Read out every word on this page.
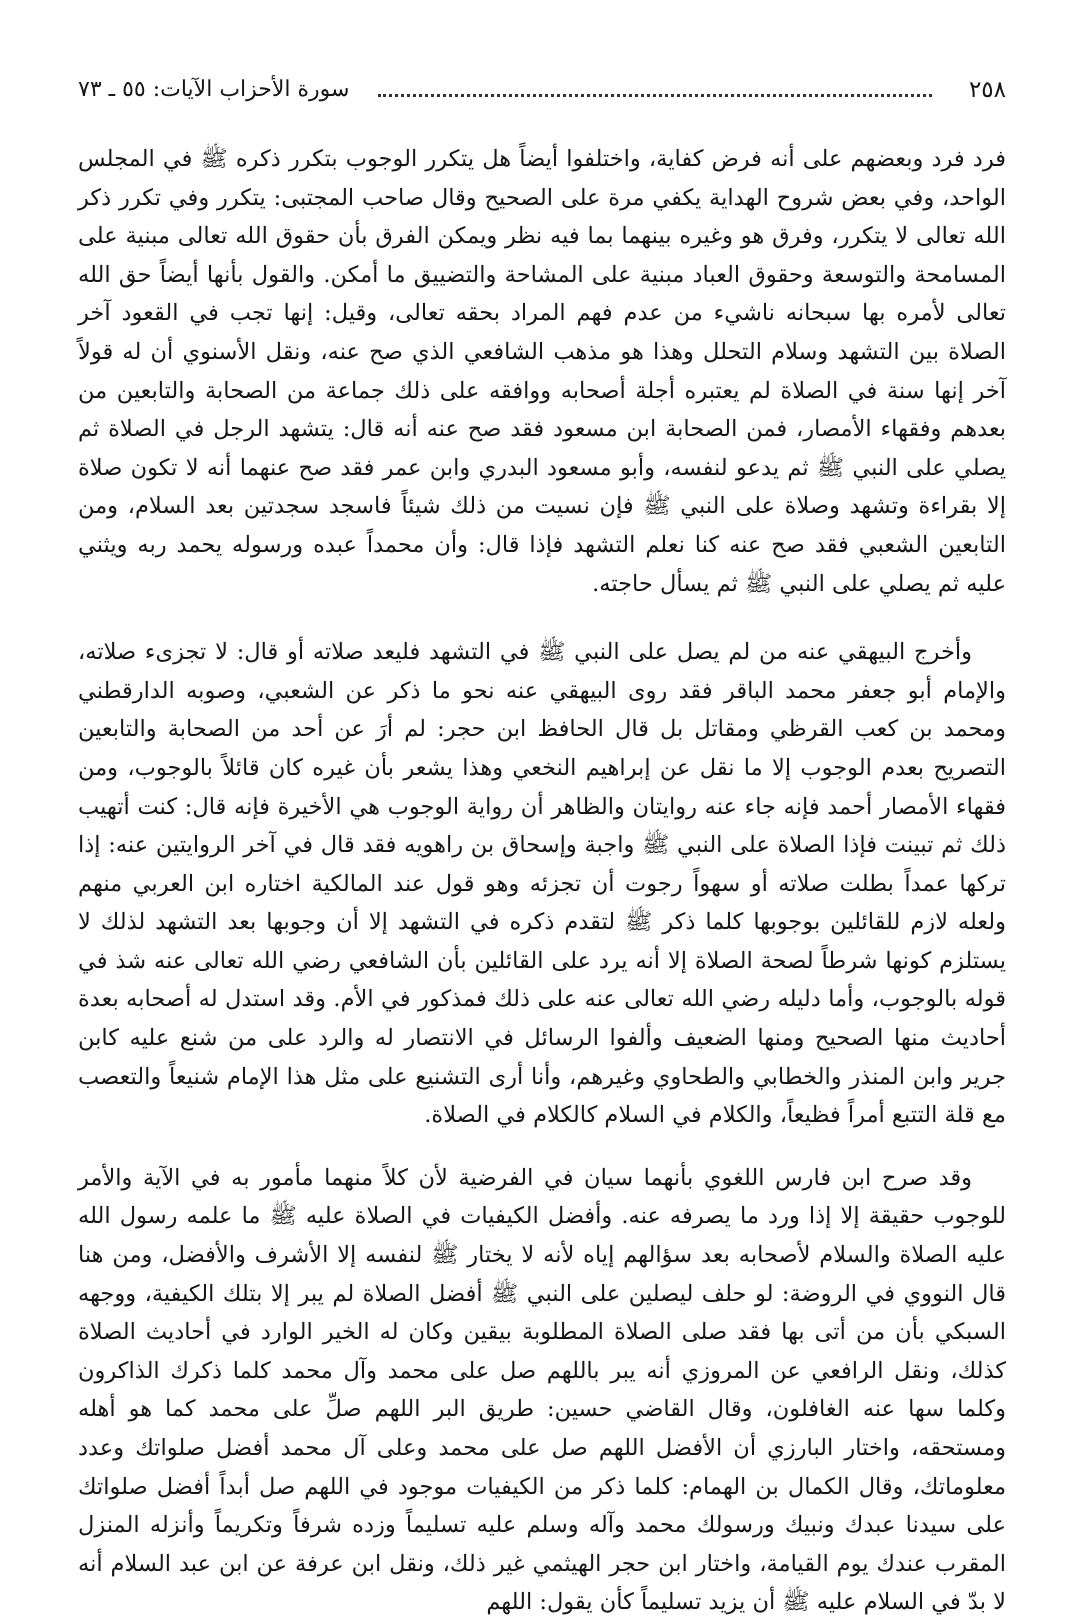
٢٥٨
سورة الأحزاب الآيات: ٥٥ ـ ٧٣

فرد فرد وبعضهم على أنه فرض كفاية، واختلفوا أيضاً هل يتكرر الوجوب بتكرر ذكره ﷺ في المجلس الواحد، وفي بعض شروح الهداية يكفي مرة على الصحيح وقال صاحب المجتبى: يتكرر وفي تكرر ذكر الله تعالى لا يتكرر، وفرق هو وغيره بينهما بما فيه نظر ويمكن الفرق بأن حقوق الله تعالى مبنية على المسامحة والتوسعة وحقوق العباد مبنية على المشاحة والتضييق ما أمكن. والقول بأنها أيضاً حق الله تعالى لأمره بها سبحانه ناشيء من عدم فهم المراد بحقه تعالى، وقيل: إنها تجب في القعود آخر الصلاة بين التشهد وسلام التحلل وهذا هو مذهب الشافعي الذي صح عنه، ونقل الأسنوي أن له قولاً آخر إنها سنة في الصلاة لم يعتبره أجلة أصحابه ووافقه على ذلك جماعة من الصحابة والتابعين من بعدهم وفقهاء الأمصار، فمن الصحابة ابن مسعود فقد صح عنه أنه قال: يتشهد الرجل في الصلاة ثم يصلي على النبي ﷺ ثم يدعو لنفسه، وأبو مسعود البدري وابن عمر فقد صح عنهما أنه لا تكون صلاة إلا بقراءة وتشهد وصلاة على النبي ﷺ فإن نسيت من ذلك شيئاً فاسجد سجدتين بعد السلام، ومن التابعين الشعبي فقد صح عنه كنا نعلم التشهد فإذا قال: وأن محمداً عبده ورسوله يحمد ربه ويثني عليه ثم يصلي على النبي ﷺ ثم يسأل حاجته.

وأخرج البيهقي عنه من لم يصل على النبي ﷺ في التشهد فليعد صلاته أو قال: لا تجزىء صلاته، والإمام أبو جعفر محمد الباقر فقد روى البيهقي عنه نحو ما ذكر عن الشعبي، وصوبه الدارقطني ومحمد بن كعب القرظي ومقاتل بل قال الحافظ ابن حجر: لم أرَ عن أحد من الصحابة والتابعين التصريح بعدم الوجوب إلا ما نقل عن إبراهيم النخعي وهذا يشعر بأن غيره كان قائلاً بالوجوب، ومن فقهاء الأمصار أحمد فإنه جاء عنه روايتان والظاهر أن رواية الوجوب هي الأخيرة فإنه قال: كنت أتهيب ذلك ثم تبينت فإذا الصلاة على النبي ﷺ واجبة وإسحاق بن راهويه فقد قال في آخر الروايتين عنه: إذا تركها عمداً بطلت صلاته أو سهواً رجوت أن تجزئه وهو قول عند المالكية اختاره ابن العربي منهم ولعله لازم للقائلين بوجوبها كلما ذكر ﷺ لتقدم ذكره في التشهد إلا أن وجوبها بعد التشهد لذلك لا يستلزم كونها شرطاً لصحة الصلاة إلا أنه يرد على القائلين بأن الشافعي رضي الله تعالى عنه شذ في قوله بالوجوب، وأما دليله رضي الله تعالى عنه على ذلك فمذكور في الأم. وقد استدل له أصحابه بعدة أحاديث منها الصحيح ومنها الضعيف وألفوا الرسائل في الانتصار له والرد على من شنع عليه كابن جرير وابن المنذر والخطابي والطحاوي وغيرهم، وأنا أرى التشنيع على مثل هذا الإمام شنيعاً والتعصب مع قلة التتبع أمراً فظيعاً، والكلام في السلام كالكلام في الصلاة.

وقد صرح ابن فارس اللغوي بأنهما سيان في الفرضية لأن كلاً منهما مأمور به في الآية والأمر للوجوب حقيقة إلا إذا ورد ما يصرفه عنه. وأفضل الكيفيات في الصلاة عليه ﷺ ما علمه رسول الله عليه الصلاة والسلام لأصحابه بعد سؤالهم إياه لأنه لا يختار ﷺ لنفسه إلا الأشرف والأفضل، ومن هنا قال النووي في الروضة: لو حلف ليصلين على النبي ﷺ أفضل الصلاة لم يبر إلا بتلك الكيفية، ووجهه السبكي بأن من أتى بها فقد صلى الصلاة المطلوبة بيقين وكان له الخير الوارد في أحاديث الصلاة كذلك، ونقل الرافعي عن المروزي أنه يبر باللهم صل على محمد وآل محمد كلما ذكرك الذاكرون وكلما سها عنه الغافلون، وقال القاضي حسين: طريق البر اللهم صلِّ على محمد كما هو أهله ومستحقه، واختار البارزي أن الأفضل اللهم صل على محمد وعلى آل محمد أفضل صلواتك وعدد معلوماتك، وقال الكمال بن الهمام: كلما ذكر من الكيفيات موجود في اللهم صل أبداً أفضل صلواتك على سيدنا عبدك ونبيك ورسولك محمد وآله وسلم عليه تسليماً وزده شرفاً وتكريماً وأنزله المنزل المقرب عندك يوم القيامة، واختار ابن حجر الهيثمي غير ذلك، ونقل ابن عرفة عن ابن عبد السلام أنه لا بدّ في السلام عليه ﷺ أن يزيد تسليماً كأن يقول: اللهم
